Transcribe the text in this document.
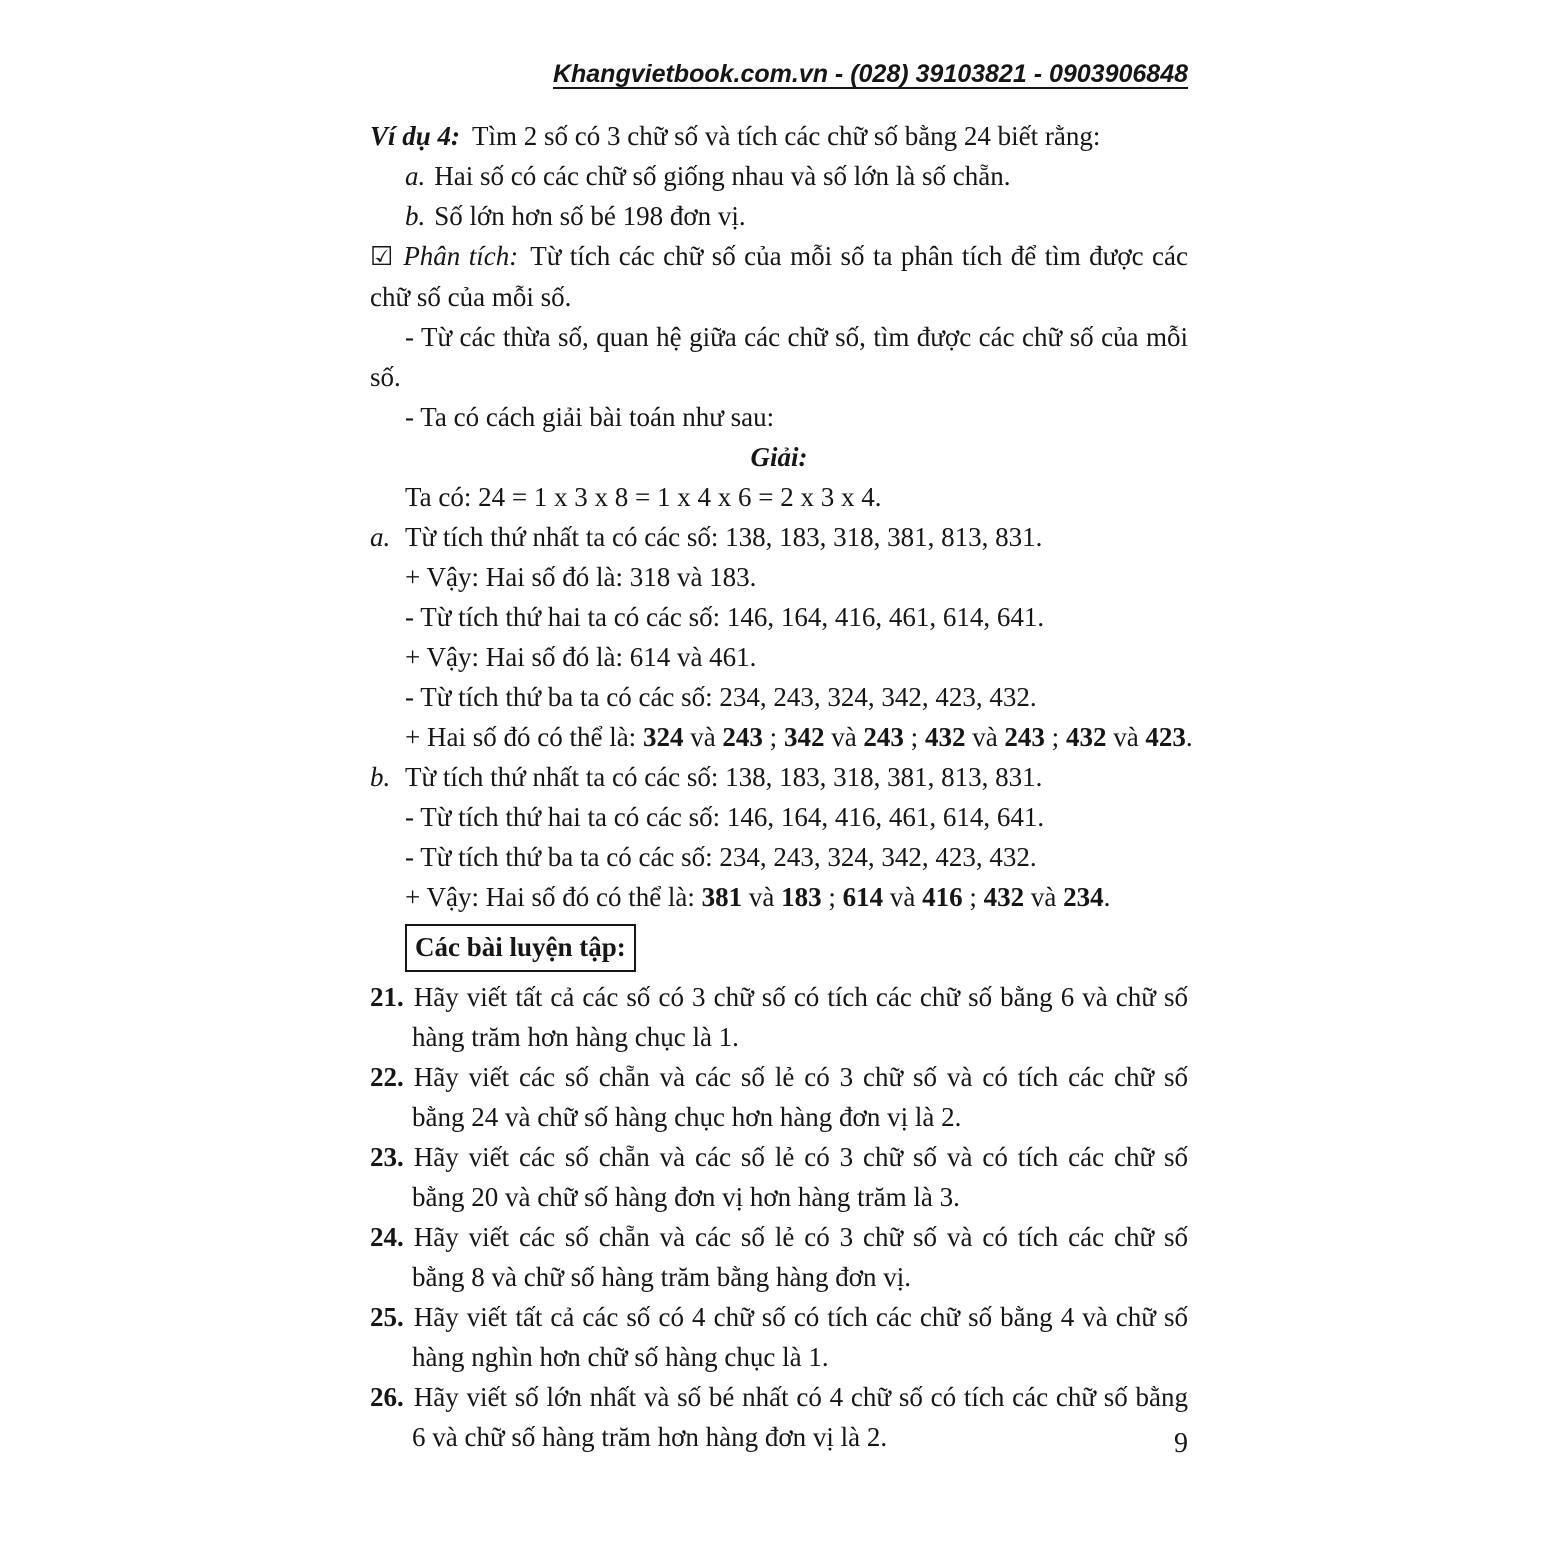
Khangvietbook.com.vn - (028) 39103821 - 0903906848
Ví dụ 4: Tìm 2 số có 3 chữ số và tích các chữ số bằng 24 biết rằng:
a. Hai số có các chữ số giống nhau và số lớn là số chẵn.
b. Số lớn hơn số bé 198 đơn vị.
☑ Phân tích: Từ tích các chữ số của mỗi số ta phân tích để tìm được các chữ số của mỗi số.
- Từ các thừa số, quan hệ giữa các chữ số, tìm được các chữ số của mỗi số.
- Ta có cách giải bài toán như sau:
Giải:
Ta có: 24 = 1 x 3 x 8 = 1 x 4 x 6 = 2 x 3 x 4.
a. Từ tích thứ nhất ta có các số: 138, 183, 318, 381, 813, 831.
+ Vậy: Hai số đó là: 318 và 183.
- Từ tích thứ hai ta có các số: 146, 164, 416, 461, 614, 641.
+ Vậy: Hai số đó là: 614 và 461.
- Từ tích thứ ba ta có các số: 234, 243, 324, 342, 423, 432.
+ Hai số đó có thể là: 324 và 243 ; 342 và 243 ; 432 và 243 ; 432 và 423.
b. Từ tích thứ nhất ta có các số: 138, 183, 318, 381, 813, 831.
- Từ tích thứ hai ta có các số: 146, 164, 416, 461, 614, 641.
- Từ tích thứ ba ta có các số: 234, 243, 324, 342, 423, 432.
+ Vậy: Hai số đó có thể là: 381 và 183 ; 614 và 416 ; 432 và 234.
Các bài luyện tập:
21. Hãy viết tất cả các số có 3 chữ số có tích các chữ số bằng 6 và chữ số hàng trăm hơn hàng chục là 1.
22. Hãy viết các số chẵn và các số lẻ có 3 chữ số và có tích các chữ số bằng 24 và chữ số hàng chục hơn hàng đơn vị là 2.
23. Hãy viết các số chẵn và các số lẻ có 3 chữ số và có tích các chữ số bằng 20 và chữ số hàng đơn vị hơn hàng trăm là 3.
24. Hãy viết các số chẵn và các số lẻ có 3 chữ số và có tích các chữ số bằng 8 và chữ số hàng trăm bằng hàng đơn vị.
25. Hãy viết tất cả các số có 4 chữ số có tích các chữ số bằng 4 và chữ số hàng nghìn hơn chữ số hàng chục là 1.
26. Hãy viết số lớn nhất và số bé nhất có 4 chữ số có tích các chữ số bằng 6 và chữ số hàng trăm hơn hàng đơn vị là 2.	9
